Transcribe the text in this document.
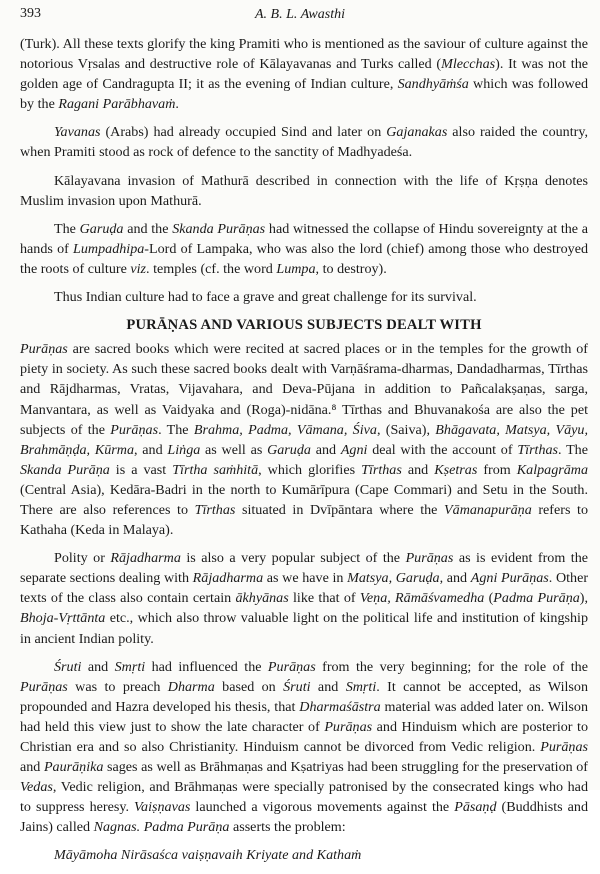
393	A. B. L. Awasthi

(Turk). All these texts glorify the king Pramiti who is mentioned as the saviour of culture against the notorious Vṛsalas and destructive role of Kālayavanas and Turks called (Mlecchas). It was not the golden age of Candragupta II; it as the evening of Indian culture, Sandhyāṁśa which was followed by the Ragani Parābhavaṁ.

Yavanas (Arabs) had already occupied Sind and later on Gajanakas also raided the country, when Pramiti stood as rock of defence to the sanctity of Madhyadeśa.

Kālayavana invasion of Mathurā described in connection with the life of Kṛṣṇa denotes Muslim invasion upon Mathurā.

The Garuḍa and the Skanda Purāṇas had witnessed the collapse of Hindu sovereignty at the a hands of Lumpadhipa-Lord of Lampaka, who was also the lord (chief) among those who destroyed the roots of culture viz. temples (cf. the word Lumpa, to destroy).

Thus Indian culture had to face a grave and great challenge for its survival.

PURĀṆAS AND VARIOUS SUBJECTS DEALT WITH

Purāṇas are sacred books which were recited at sacred places or in the temples for the growth of piety in society. As such these sacred books dealt with Varṇāśrama-dharmas, Dandadharmas, Tīrthas and Rājdharmas, Vratas, Vijavahara, and Deva-Pūjana in addition to Pañcalakṣaṇas, sarga, Manvantara, as well as Vaidyaka and (Roga)-nidāna.⁸ Tīrthas and Bhuvanakośa are also the pet subjects of the Purāṇas. The Brahma, Padma, Vāmana, Śiva, (Saiva), Bhāgavata, Matsya, Vāyu, Brahmāṇḍa, Kūrma, and Liṅga as well as Garuḍa and Agni deal with the account of Tīrthas. The Skanda Purāṇa is a vast Tīrtha saṁhitā, which glorifies Tīrthas and Kṣetras from Kalpagrāma (Central Asia), Kedāra-Badri in the north to Kumārīpura (Cape Commari) and Setu in the South. There are also references to Tīrthas situated in Dvīpāntara where the Vāmanapurāṇa refers to Kathaha (Keda in Malaya).

Polity or Rājadharma is also a very popular subject of the Purāṇas as is evident from the separate sections dealing with Rājadharma as we have in Matsya, Garuḍa, and Agni Purāṇas. Other texts of the class also contain certain ākhyānas like that of Veṇa, Rāmāśvamedha (Padma Purāṇa), Bhoja-Vṛttānta etc., which also throw valuable light on the political life and institution of kingship in ancient Indian polity.

Śruti and Smṛti had influenced the Purāṇas from the very beginning; for the role of the Purāṇas was to preach Dharma based on Śruti and Smṛti. It cannot be accepted, as Wilson propounded and Hazra developed his thesis, that Dharmaśāstra material was added later on. Wilson had held this view just to show the late character of Purāṇas and Hinduism which are posterior to Christian era and so also Christianity. Hinduism cannot be divorced from Vedic religion. Purāṇas and Paurāṇika sages as well as Brāhmaṇas and Kṣatriyas had been struggling for the preservation of Vedas, Vedic religion, and Brāhmaṇas were specially patronised by the consecrated kings who had to suppress heresy. Vaiṣṇavas launched a vigorous movements against the Pāsaṇḍ (Buddhists and Jains) called Nagnas. Padma Purāṇa asserts the problem:

Māyāmoha Nirāsaśca vaiṣṇavaih Kriyate and Kathaṁ
